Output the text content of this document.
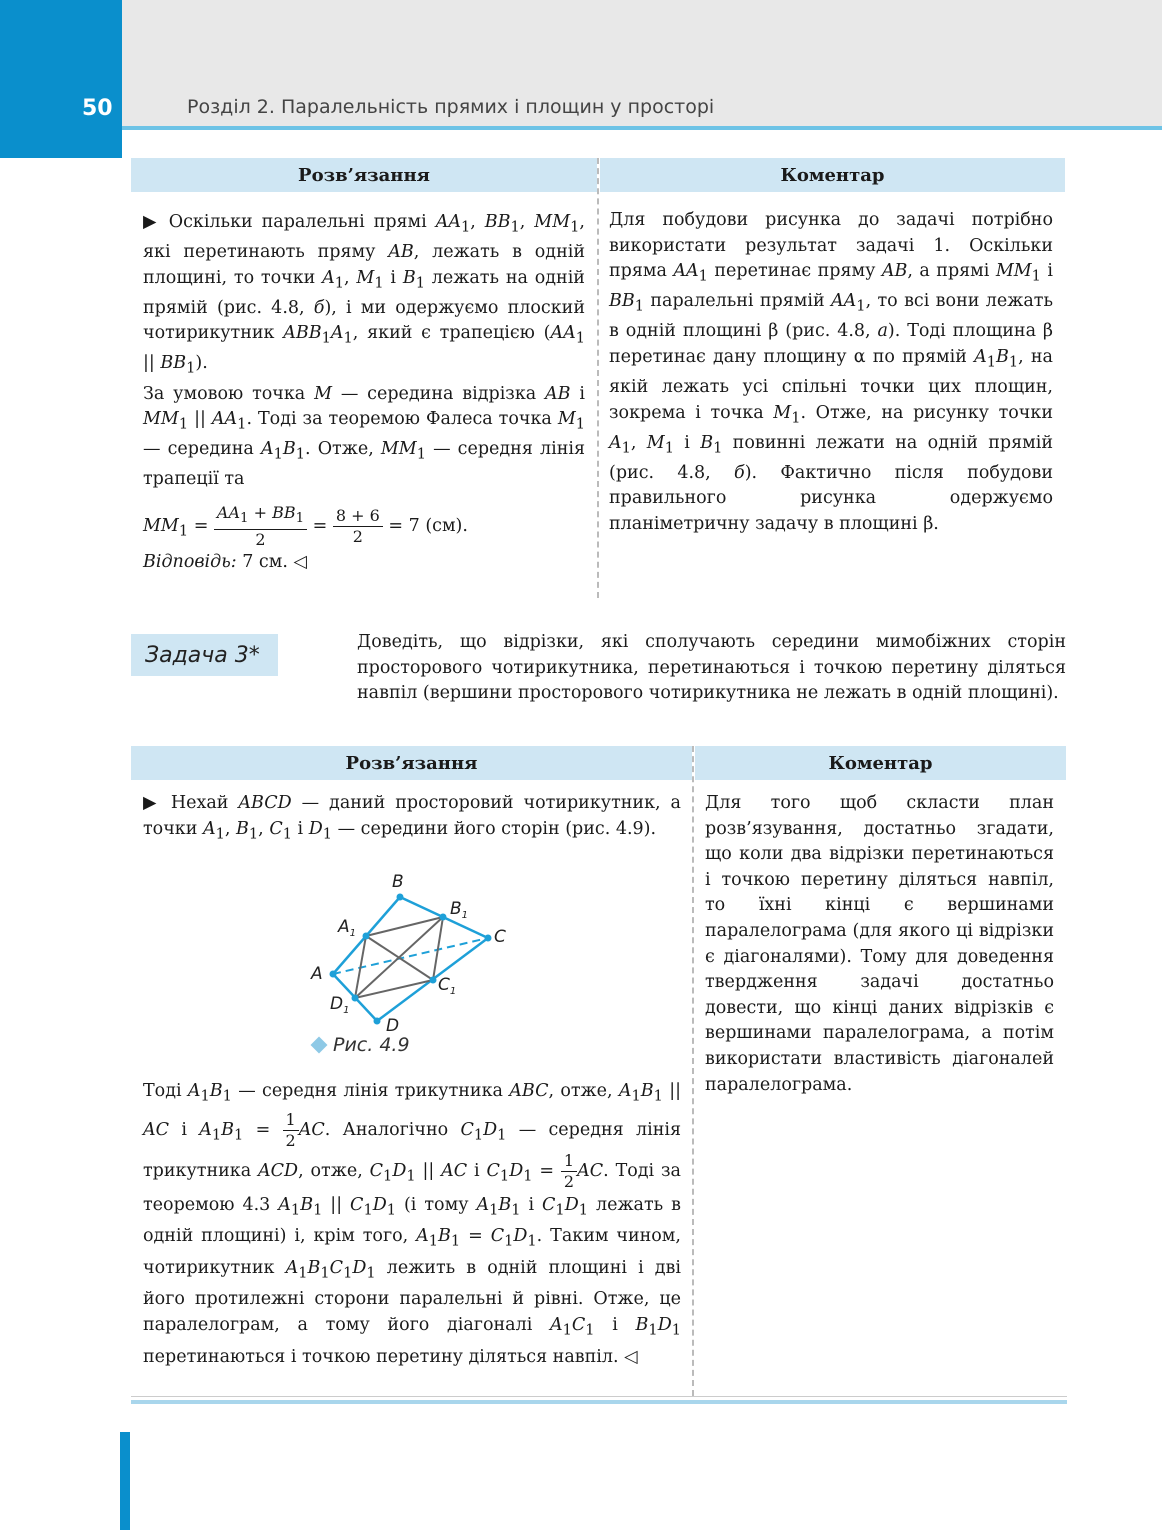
50	Розділ 2. Паралельність прямих і площин у просторі
Розв’язання	Коментар

▶ Оскільки паралельні прямі $AA_1$, $BB_1$, $MM_1$, які перетинають пряму AB, лежать в одній площині, то точки $A_1$, $M_1$ і $B_1$ лежать на одній прямій (рис. 4.8, б), і ми одержуємо плоский чотирикутник $ABB_1A_1$, який є трапецією ($AA_1$ || $BB_1$).

За умовою точка M — середина відрізка AB і $MM_1$ || $AA_1$. Тоді за теоремою Фалеса точка $M_1$ — середина $A_1B_1$. Отже, $MM_1$ — середня лінія трапеції та

$MM_1 = \frac{AA_1 + BB_1}{2} = \frac{8 + 6}{2} = 7$ (см).

Відповідь: 7 см. ◁

Для побудови рисунка до задачі потрібно використати результат задачі 1. Оскільки пряма $AA_1$ перетинає пряму AB, а прямі $MM_1$ і $BB_1$ паралельні прямій $AA_1$, то всі вони лежать в одній площині β (рис. 4.8, а). Тоді площина β перетинає дану площину α по прямій $A_1B_1$, на якій лежать усі спільні точки цих площин, зокрема і точка $M_1$. Отже, на рисунку точки $A_1$, $M_1$ і $B_1$ повинні лежати на одній прямій (рис. 4.8, б). Фактично після побудови правильного рисунка одержуємо планіметричну задачу в площині β.

Задача 3*
Доведіть, що відрізки, які сполучають середини мимобіжних сторін просторового чотирикутника, перетинаються і точкою перетину діляться навпіл (вершини просторового чотирикутника не лежать в одній площині).
Розв’язання	Коментар

▶ Нехай ABCD — даний просторовий чотирикутник, а точки $A_1$, $B_1$, $C_1$ і $D_1$ — середини його сторін (рис. 4.9).

B
$B_1$
$A_1$	C
A
$C_1$
$D_1$
D
Рис. 4.9

Тоді $A_1B_1$ — середня лінія трикутника ABC, отже, $A_1B_1$ || AC і $A_1B_1 = \frac{1}{2}$ AC. Аналогічно $C_1D_1$ — середня лінія трикутника ACD, отже, $C_1D_1$ || AC і $C_1D_1 = \frac{1}{2}$ AC. Тоді за теоремою 4.3 $A_1B_1$ || $C_1D_1$ (і тому $A_1B_1$ і $C_1D_1$ лежать в одній площині) і, крім того, $A_1B_1 = C_1D_1$. Таким чином, чотирикутник $A_1B_1C_1D_1$ лежить в одній площині і дві його протилежні сторони паралельні й рівні. Отже, це паралелограм, а тому його діагоналі $A_1C_1$ і $B_1D_1$ перетинаються і точкою перетину діляться навпіл. ◁

Для того щоб скласти план розв’язування, достатньо згадати, що коли два відрізки перетинаються і точкою перетину діляться навпіл, то їхні кінці є вершинами паралелограма (для якого ці відрізки є діагоналями). Тому для доведення твердження задачі достатньо довести, що кінці даних відрізків є вершинами паралелограма, а потім використати властивість діагоналей паралелограма.
